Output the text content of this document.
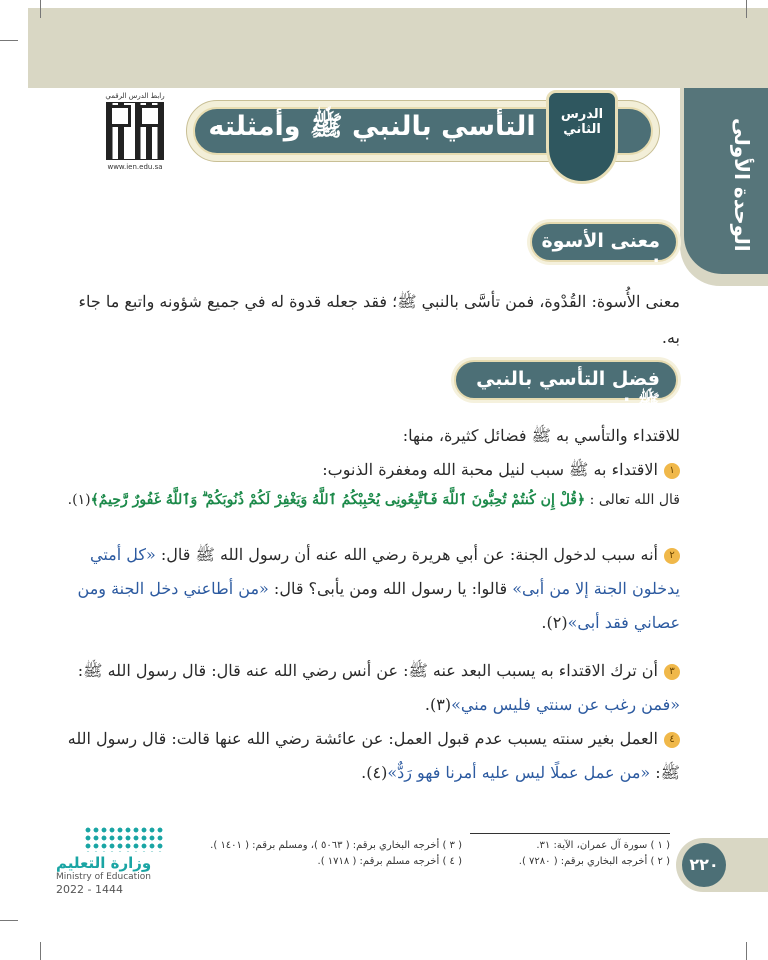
الوحدة الأولى
رابط الدرس الرقمي
www.ien.edu.sa
التأسي بالنبي ﷺ وأمثلته	الدرس
الثاني
معنى الأسوة :
معنى الأُسوة: القُدْوة، فمن تأسَّى بالنبي ﷺ؛ فقد جعله قدوة له في جميع شؤونه واتبع ما جاء به.
فضل التأسي بالنبي ﷺ :
للاقتداء والتأسي به ﷺ فضائل كثيرة، منها:
١الاقتداء به ﷺ سبب لنيل محبة الله ومغفرة الذنوب:
قال الله تعالى : ﴿قُلْ إِن كُنتُمْ تُحِبُّونَ ٱللَّهَ فَٱتَّبِعُونِى يُحْبِبْكُمُ ٱللَّهُ وَيَغْفِرْ لَكُمْ ذُنُوبَكُمْ ۗ وَٱللَّهُ غَفُورٌ رَّحِيمٌ﴾(١).
٢أنه سبب لدخول الجنة: عن أبي هريرة رضي الله عنه أن رسول الله ﷺ قال: «كل أمتي يدخلون الجنة إلا من أبى» قالوا: يا رسول الله ومن يأبى؟ قال: «من أطاعني دخل الجنة ومن عصاني فقد أبى»(٢).
٣أن ترك الاقتداء به يسبب البعد عنه ﷺ: عن أنس رضي الله عنه قال: قال رسول الله ﷺ: «فمن رغب عن سنتي فليس مني»(٣).
٤العمل بغير سنته يسبب عدم قبول العمل: عن عائشة رضي الله عنها قالت: قال رسول الله ﷺ: «من عمل عملًا ليس عليه أمرنا فهو رَدٌّ»(٤).
( ١ ) سورة آل عمران، الآية: ٣١.
( ٢ ) أخرجه البخاري برقم: ( ٧٢٨٠ ).
( ٣ ) أخرجه البخاري برقم: ( ٥٠٦٣ )، ومسلم برقم: ( ١٤٠١ ).
( ٤ ) أخرجه مسلم برقم: ( ١٧١٨ ).	٢٢٠
وزارة التعليم
Ministry of Education
2022 - 1444
